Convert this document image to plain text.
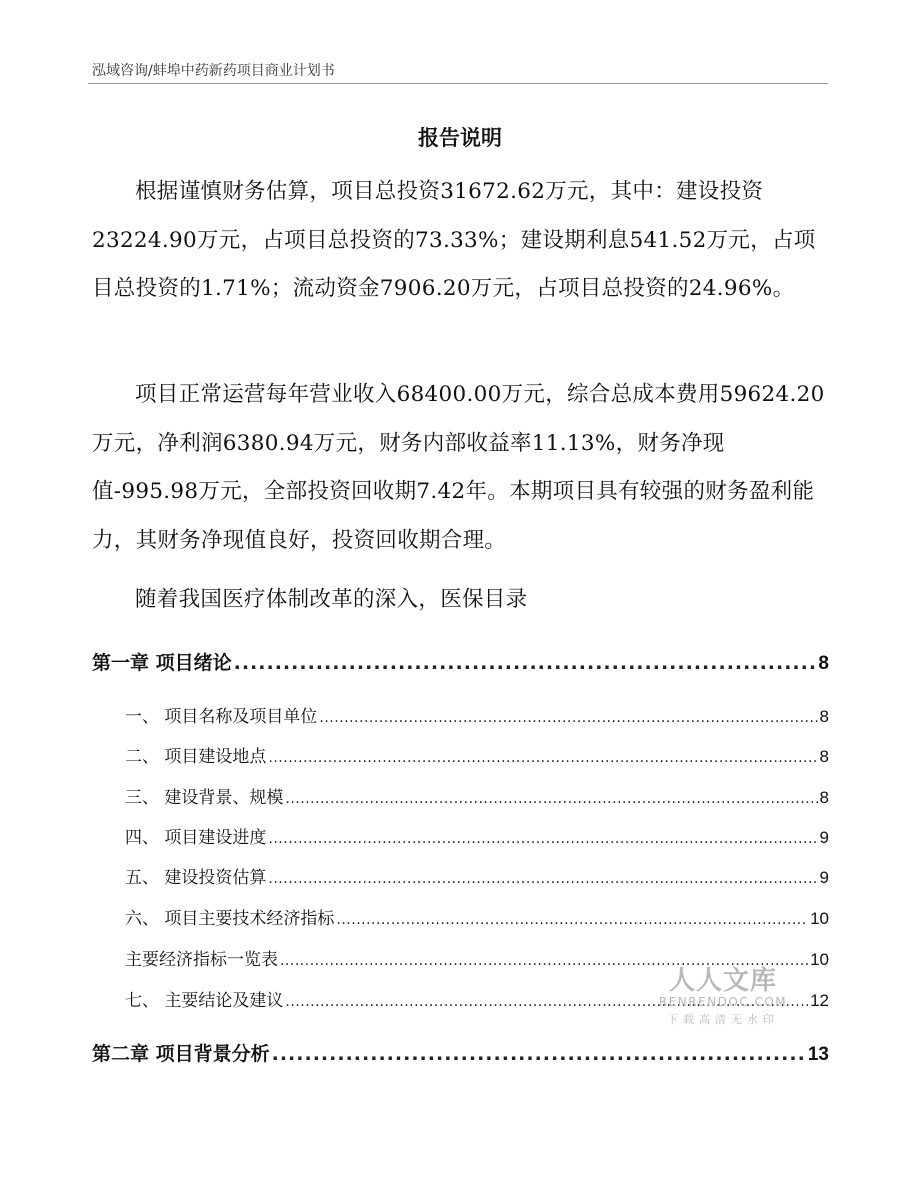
泓域咨询/蚌埠中药新药项目商业计划书
报告说明
根据谨慎财务估算，项目总投资31672.62万元，其中：建设投资23224.90万元，占项目总投资的73.33%；建设期利息541.52万元，占项目总投资的1.71%；流动资金7906.20万元，占项目总投资的24.96%。
项目正常运营每年营业收入68400.00万元，综合总成本费用59624.20万元，净利润6380.94万元，财务内部收益率11.13%，财务净现值-995.98万元，全部投资回收期7.42年。本期项目具有较强的财务盈利能力，其财务净现值良好，投资回收期合理。
随着我国医疗体制改革的深入，医保目录
第一章 项目绪论 .....	8
一、 项目名称及项目单位 .....	8
二、 项目建设地点 .....	8
三、 建设背景、规模 .....	8
四、 项目建设进度 .....	9
五、 建设投资估算 .....	9
六、 项目主要技术经济指标 .....	10
主要经济指标一览表 .....	10
七、 主要结论及建议 .....	12
第二章 项目背景分析 .....	13
人人文库
RENRENDOC.COM
下载高清无水印
